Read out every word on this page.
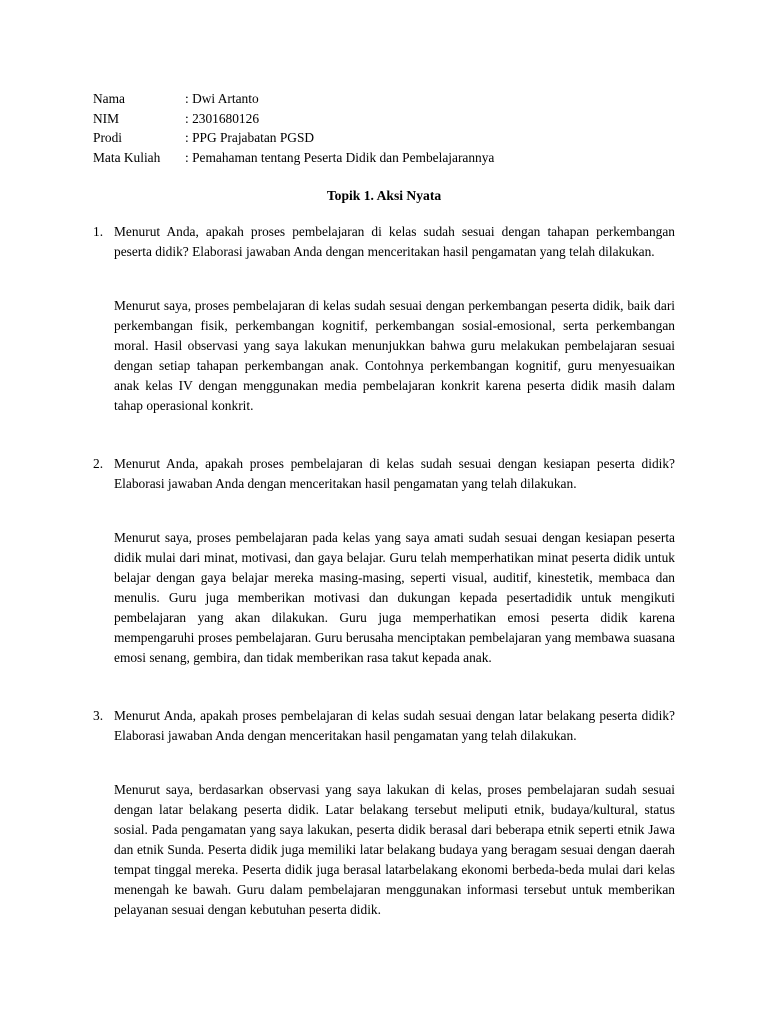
Nama	: Dwi Artanto
NIM	: 2301680126
Prodi	: PPG Prajabatan PGSD
Mata Kuliah	: Pemahaman tentang Peserta Didik dan Pembelajarannya
Topik 1. Aksi Nyata
1. Menurut Anda, apakah proses pembelajaran di kelas sudah sesuai dengan tahapan perkembangan peserta didik? Elaborasi jawaban Anda dengan menceritakan hasil pengamatan yang telah dilakukan.

Menurut saya, proses pembelajaran di kelas sudah sesuai dengan perkembangan peserta didik, baik dari perkembangan fisik, perkembangan kognitif, perkembangan sosial-emosional, serta perkembangan moral. Hasil observasi yang saya lakukan menunjukkan bahwa guru melakukan pembelajaran sesuai dengan setiap tahapan perkembangan anak. Contohnya perkembangan kognitif, guru menyesuaikan anak kelas IV dengan menggunakan media pembelajaran konkrit karena peserta didik masih dalam tahap operasional konkrit.

2. Menurut Anda, apakah proses pembelajaran di kelas sudah sesuai dengan kesiapan peserta didik? Elaborasi jawaban Anda dengan menceritakan hasil pengamatan yang telah dilakukan.

Menurut saya, proses pembelajaran pada kelas yang saya amati sudah sesuai dengan kesiapan peserta didik mulai dari minat, motivasi, dan gaya belajar. Guru telah memperhatikan minat peserta didik untuk belajar dengan gaya belajar mereka masing-masing, seperti visual, auditif, kinestetik, membaca dan menulis. Guru juga memberikan motivasi dan dukungan kepada pesertadidik untuk mengikuti pembelajaran yang akan dilakukan. Guru juga memperhatikan emosi peserta didik karena mempengaruhi proses pembelajaran. Guru berusaha menciptakan pembelajaran yang membawa suasana emosi senang, gembira, dan tidak memberikan rasa takut kepada anak.

3. Menurut Anda, apakah proses pembelajaran di kelas sudah sesuai dengan latar belakang peserta didik? Elaborasi jawaban Anda dengan menceritakan hasil pengamatan yang telah dilakukan.

Menurut saya, berdasarkan observasi yang saya lakukan di kelas, proses pembelajaran sudah sesuai dengan latar belakang peserta didik. Latar belakang tersebut meliputi etnik, budaya/kultural, status sosial. Pada pengamatan yang saya lakukan, peserta didik berasal dari beberapa etnik seperti etnik Jawa dan etnik Sunda. Peserta didik juga memiliki latar belakang budaya yang beragam sesuai dengan daerah tempat tinggal mereka. Peserta didik juga berasal latarbelakang ekonomi berbeda-beda mulai dari kelas menengah ke bawah. Guru dalam pembelajaran menggunakan informasi tersebut untuk memberikan pelayanan sesuai dengan kebutuhan peserta didik.
